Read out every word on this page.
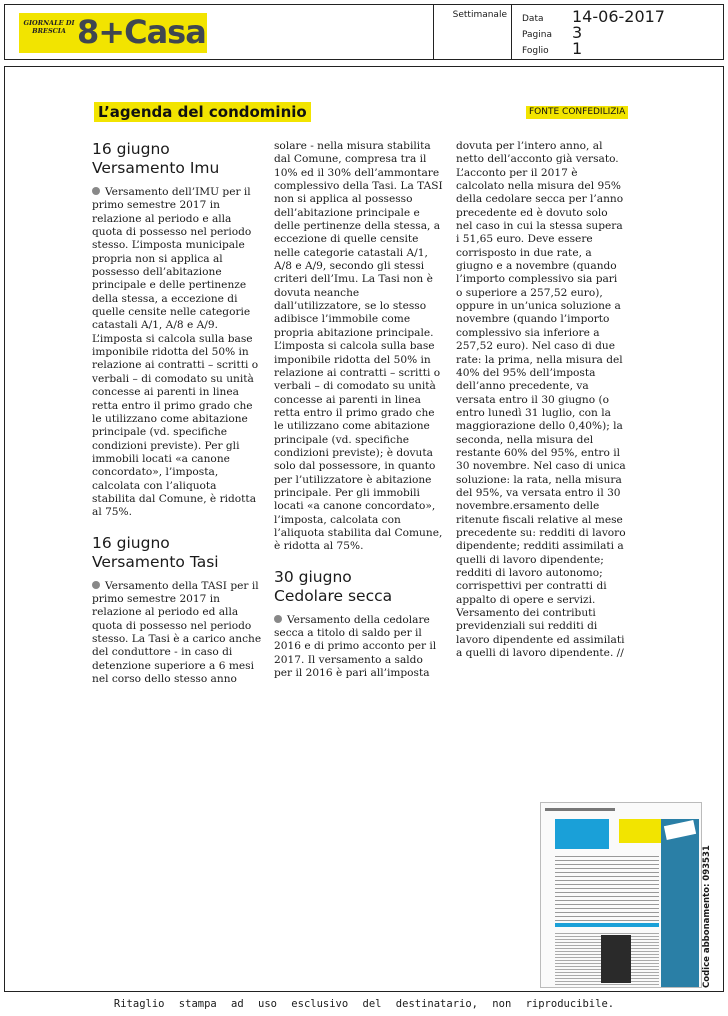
GIORNALE DI BRESCIA 8+Casa	Settimanale Data 14-06-2017
Pagina 3
Foglio 1
L’agenda del condominio	FONTE CONFEDILIZIA
16 giugno
Versamento Imu
Versamento dell’IMU per il primo semestre 2017 in relazione al periodo e alla quota di possesso nel periodo stesso. L’imposta municipale propria non si applica al possesso dell’abitazione principale e delle pertinenze della stessa, a eccezione di quelle censite nelle categorie catastali A/1, A/8 e A/9.
L’imposta si calcola sulla base imponibile ridotta del 50% in relazione ai contratti – scritti o verbali – di comodato su unità concesse ai parenti in linea retta entro il primo grado che le utilizzano come abitazione principale (vd. specifiche condizioni previste). Per gli immobili locati «a canone concordato», l’imposta, calcolata con l’aliquota stabilita dal Comune, è ridotta al 75%.
16 giugno
Versamento Tasi
Versamento della TASI per il primo semestre 2017 in relazione al periodo ed alla quota di possesso nel periodo stesso. La Tasi è a carico anche del conduttore - in caso di detenzione superiore a 6 mesi nel corso dello stesso anno
solare - nella misura stabilita dal Comune, compresa tra il 10% ed il 30% dell’ammontare complessivo della Tasi. La TASI non si applica al possesso dell’abitazione principale e delle pertinenze della stessa, a eccezione di quelle censite nelle categorie catastali A/1, A/8 e A/9, secondo gli stessi criteri dell’Imu. La Tasi non è dovuta neanche dall’utilizzatore, se lo stesso adibisce l’immobile come propria abitazione principale.
L’imposta si calcola sulla base imponibile ridotta del 50% in relazione ai contratti – scritti o verbali – di comodato su unità concesse ai parenti in linea retta entro il primo grado che le utilizzano come abitazione principale (vd. specifiche condizioni previste); è dovuta solo dal possessore, in quanto per l’utilizzatore è abitazione principale. Per gli immobili locati «a canone concordato», l’imposta, calcolata con l’aliquota stabilita dal Comune, è ridotta al 75%.
30 giugno
Cedolare secca
Versamento della cedolare secca a titolo di saldo per il 2016 e di primo acconto per il 2017. Il versamento a saldo per il 2016 è pari all’imposta
dovuta per l’intero anno, al netto dell’acconto già versato.
L’acconto per il 2017 è calcolato nella misura del 95% della cedolare secca per l’anno precedente ed è dovuto solo nel caso in cui la stessa supera i 51,65 euro. Deve essere corrisposto in due rate, a giugno e a novembre (quando l’importo complessivo sia pari o superiore a 257,52 euro), oppure in un’unica soluzione a novembre (quando l’importo complessivo sia inferiore a 257,52 euro). Nel caso di due rate: la prima, nella misura del 40% del 95% dell’imposta dell’anno precedente, va versata entro il 30 giugno (o entro lunedì 31 luglio, con la maggiorazione dello 0,40%); la seconda, nella misura del restante 60% del 95%, entro il 30 novembre. Nel caso di unica soluzione: la rata, nella misura del 95%, va versata entro il 30 novembre.ersamento delle ritenute fiscali relative al mese precedente su: redditi di lavoro dipendente; redditi assimilati a quelli di lavoro dipendente; redditi di lavoro autonomo; corrispettivi per contratti di appalto di opere e servizi. Versamento dei contributi previdenziali sui redditi di lavoro dipendente ed assimilati a quelli di lavoro dipendente. //
Codice abbonamento: 093531
Ritaglio stampa ad uso esclusivo del destinatario, non riproducibile.
